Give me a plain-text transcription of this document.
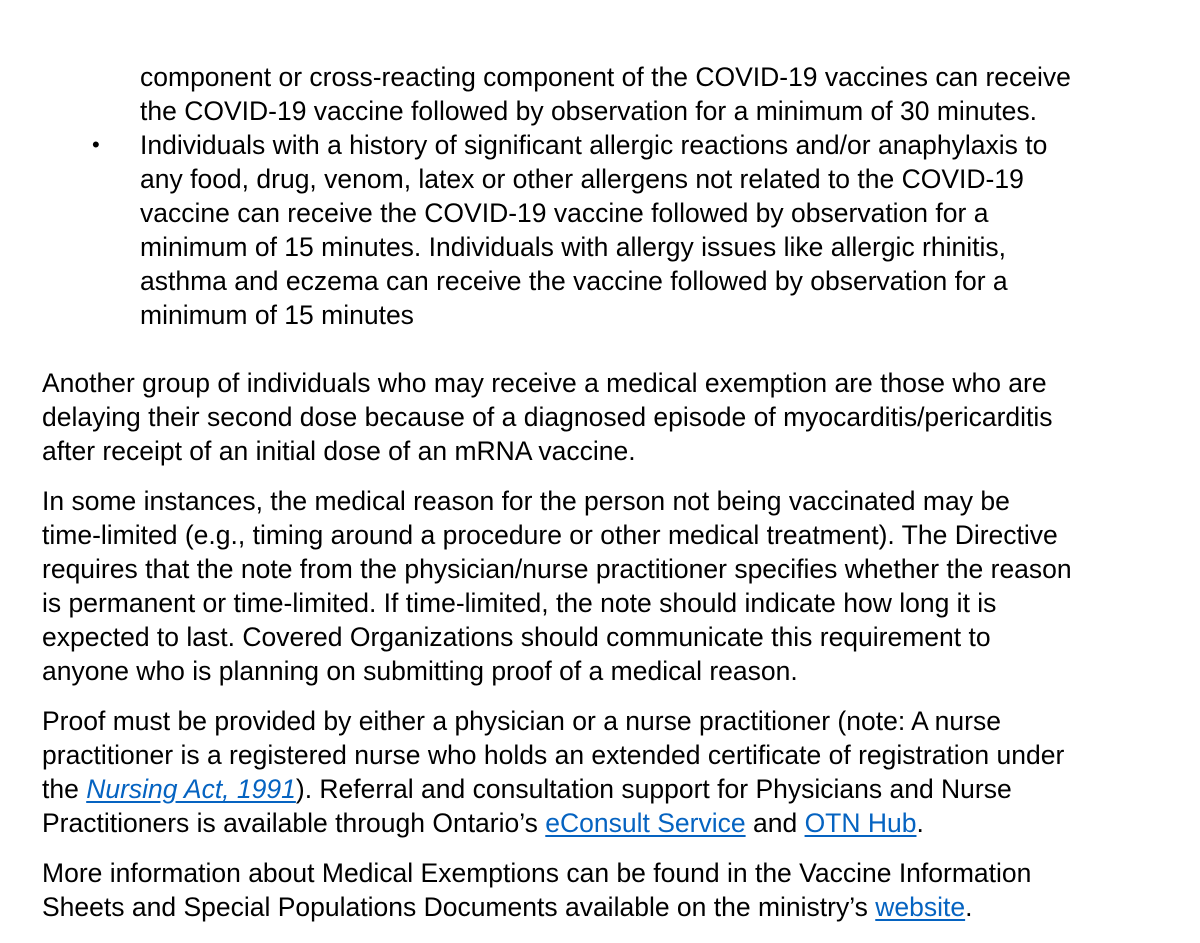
component or cross-reacting component of the COVID-19 vaccines can receive
the COVID-19 vaccine followed by observation for a minimum of 30 minutes.
• Individuals with a history of significant allergic reactions and/or anaphylaxis to
any food, drug, venom, latex or other allergens not related to the COVID-19
vaccine can receive the COVID-19 vaccine followed by observation for a
minimum of 15 minutes. Individuals with allergy issues like allergic rhinitis,
asthma and eczema can receive the vaccine followed by observation for a
minimum of 15 minutes
Another group of individuals who may receive a medical exemption are those who are
delaying their second dose because of a diagnosed episode of myocarditis/pericarditis
after receipt of an initial dose of an mRNA vaccine.
In some instances, the medical reason for the person not being vaccinated may be
time-limited (e.g., timing around a procedure or other medical treatment). The Directive
requires that the note from the physician/nurse practitioner specifies whether the reason
is permanent or time-limited. If time-limited, the note should indicate how long it is
expected to last. Covered Organizations should communicate this requirement to
anyone who is planning on submitting proof of a medical reason.
Proof must be provided by either a physician or a nurse practitioner (note: A nurse
practitioner is a registered nurse who holds an extended certificate of registration under
the Nursing Act, 1991). Referral and consultation support for Physicians and Nurse
Practitioners is available through Ontario’s eConsult Service and OTN Hub.
More information about Medical Exemptions can be found in the Vaccine Information
Sheets and Special Populations Documents available on the ministry’s website.
